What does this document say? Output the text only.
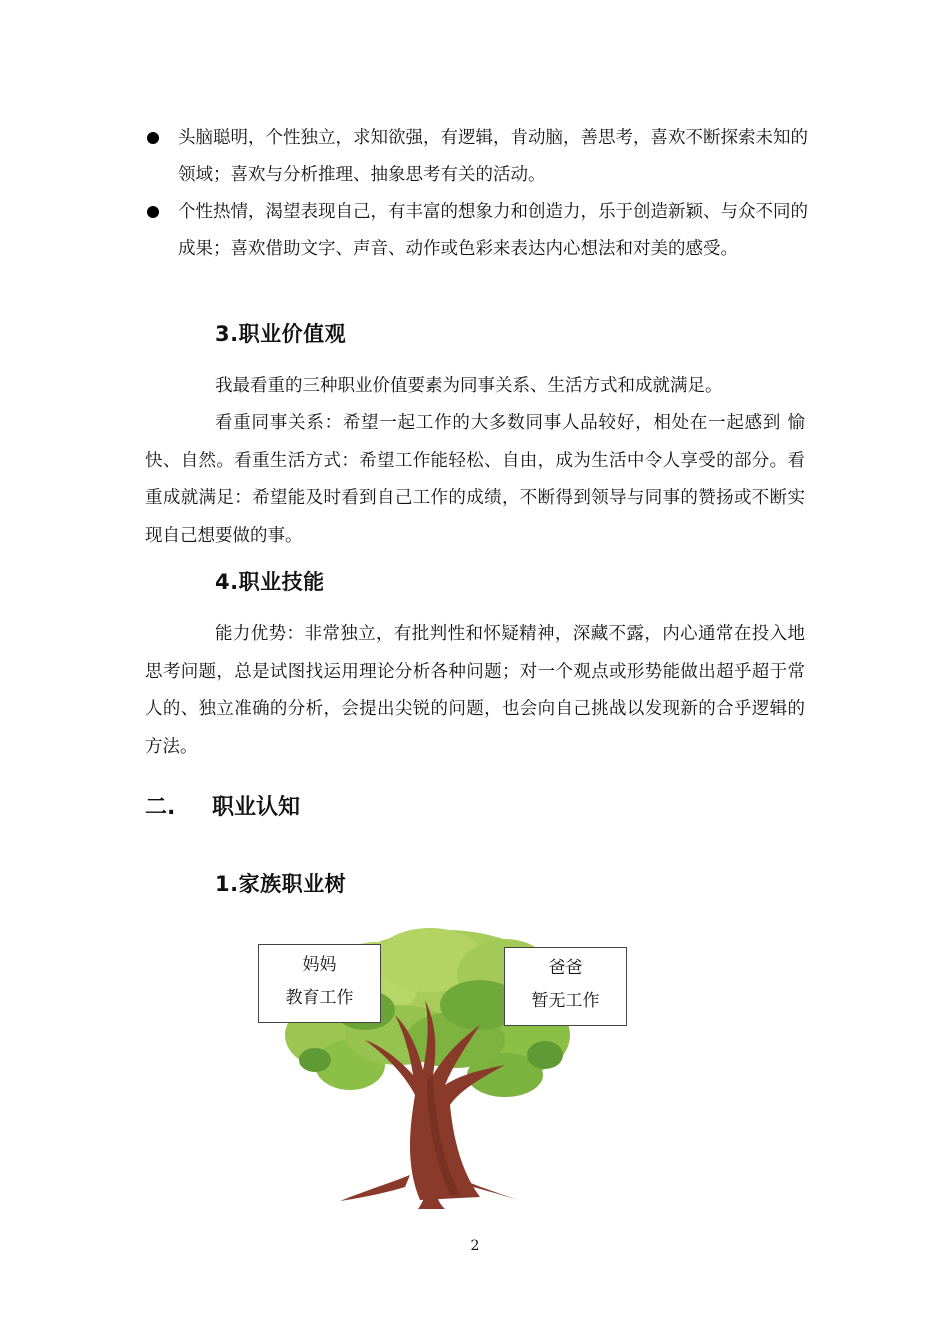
头脑聪明，个性独立，求知欲强，有逻辑，肯动脑，善思考，喜欢不断探索未知的领域；喜欢与分析推理、抽象思考有关的活动。
个性热情，渴望表现自己，有丰富的想象力和创造力，乐于创造新颖、与众不同的成果；喜欢借助文字、声音、动作或色彩来表达内心想法和对美的感受。
3.职业价值观
我最看重的三种职业价值要素为同事关系、生活方式和成就满足。
看重同事关系：希望一起工作的大多数同事人品较好，相处在一起感到 愉快、自然。看重生活方式：希望工作能轻松、自由，成为生活中令人享受的部分。看重成就满足：希望能及时看到自己工作的成绩，不断得到领导与同事的赞扬或不断实现自己想要做的事。
4.职业技能
能力优势：非常独立，有批判性和怀疑精神，深藏不露，内心通常在投入地思考问题，总是试图找运用理论分析各种问题；对一个观点或形势能做出超乎超于常人的、独立准确的分析，会提出尖锐的问题，也会向自己挑战以发现新的合乎逻辑的方法。
二. 职业认知
1.家族职业树
妈妈
教育工作
爸爸
暂无工作
2
